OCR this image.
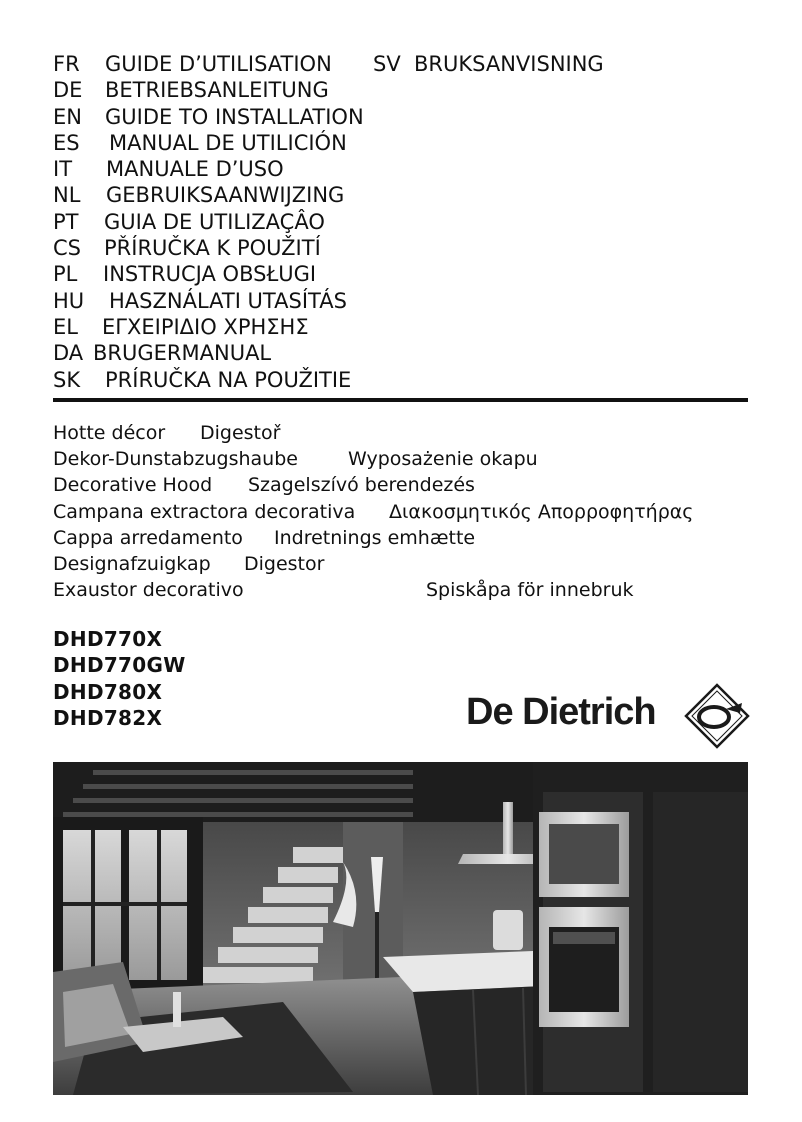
FR GUIDE D’UTILISATION SV BRUKSANVISNING
DE BETRIEBSANLEITUNG
EN GUIDE TO INSTALLATION
ES MANUAL DE UTILICIÓN
IT MANUALE D’USO
NL GEBRUIKSAANWIJZING
PT GUIA DE UTILIZAÇÂO
CS PŘÍRUČKA K POUŽITÍ
PL INSTRUCJA OBSŁUGI
HU HASZNÁLATI UTASÍTÁS
EL ΕΓΧΕΙΡΙΔΙΟ ΧΡΗΣΗΣ
DA BRUGERMANUAL
SK PRÍRUČKA NA POUŽITIE
Hotte décor Digestoř
Dekor-Dunstabzugshaube	Wyposażenie okapu
Decorative Hood Szagelszívó berendezés
Campana extractora decorativa Διακοσμητικός Απορροφητήρας
Cappa arredamento Indretnings emhætte
Designafzuigkap Digestor
Exaustor decorativo	Spiskåpa för innebruk
DHD770X
DHD770GW
DHD780X
DHD782X	De Dietrich
